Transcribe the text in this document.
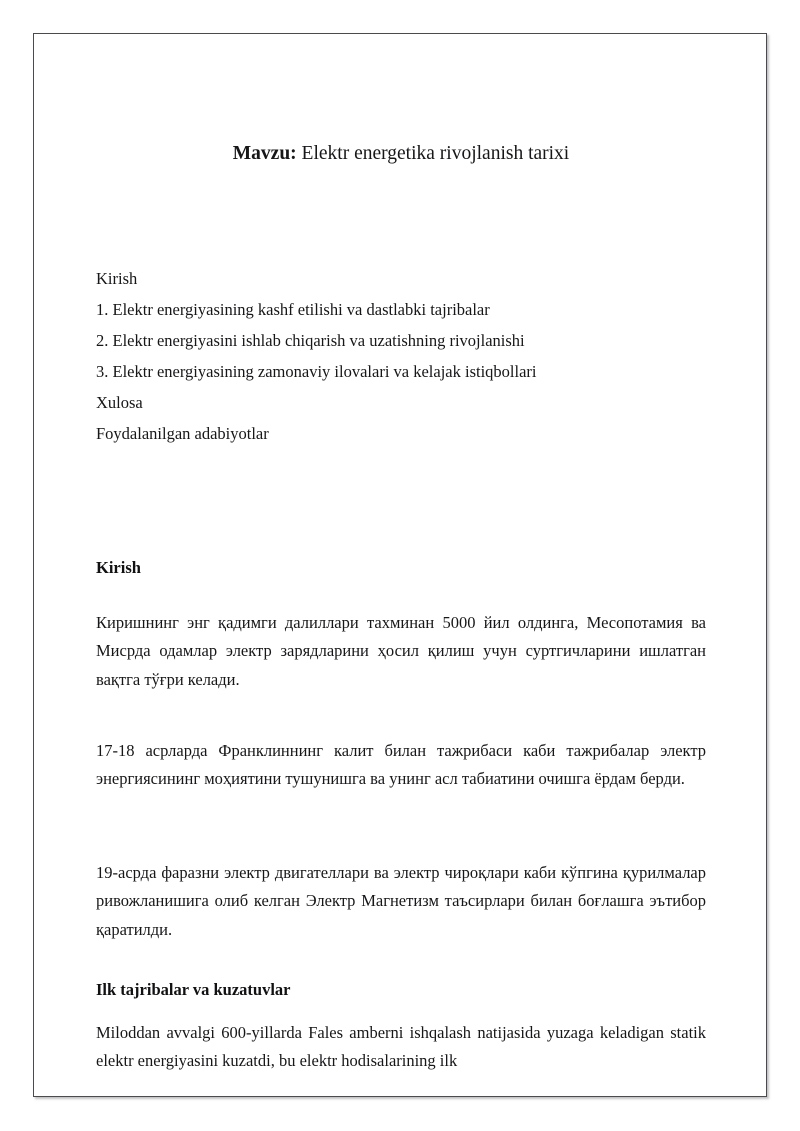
Mavzu: Elektr energetika rivojlanish tarixi
Kirish
1. Elektr energiyasining kashf etilishi va dastlabki tajribalar
2. Elektr energiyasini ishlab chiqarish va uzatishning rivojlanishi
3. Elektr energiyasining zamonaviy ilovalari va kelajak istiqbollari
Xulosa
Foydalanilgan adabiyotlar
Kirish

Киришнинг энг қадимги далиллари тахминан 5000 йил олдинга, Месопотамия ва Мисрда одамлар электр зарядларини ҳосил қилиш учун суртгичларини ишлатган вақтга тўғри келади.

17-18 асрларда Франклиннинг калит билан тажрибаси каби тажрибалар электр энергиясининг моҳиятини тушунишга ва унинг асл табиатини очишга ёрдам берди.

19-асрда фаразни электр двигателлари ва электр чироқлари каби кўпгина қурилмалар ривожланишига олиб келган Электр Магнетизм таъсирлари билан боғлашга эътибор қаратилди.

Ilk tajribalar va kuzatuvlar

Miloddan avvalgi 600-yillarda Fales amberni ishqalash natijasida yuzaga keladigan statik elektr energiyasini kuzatdi, bu elektr hodisalarining ilk
